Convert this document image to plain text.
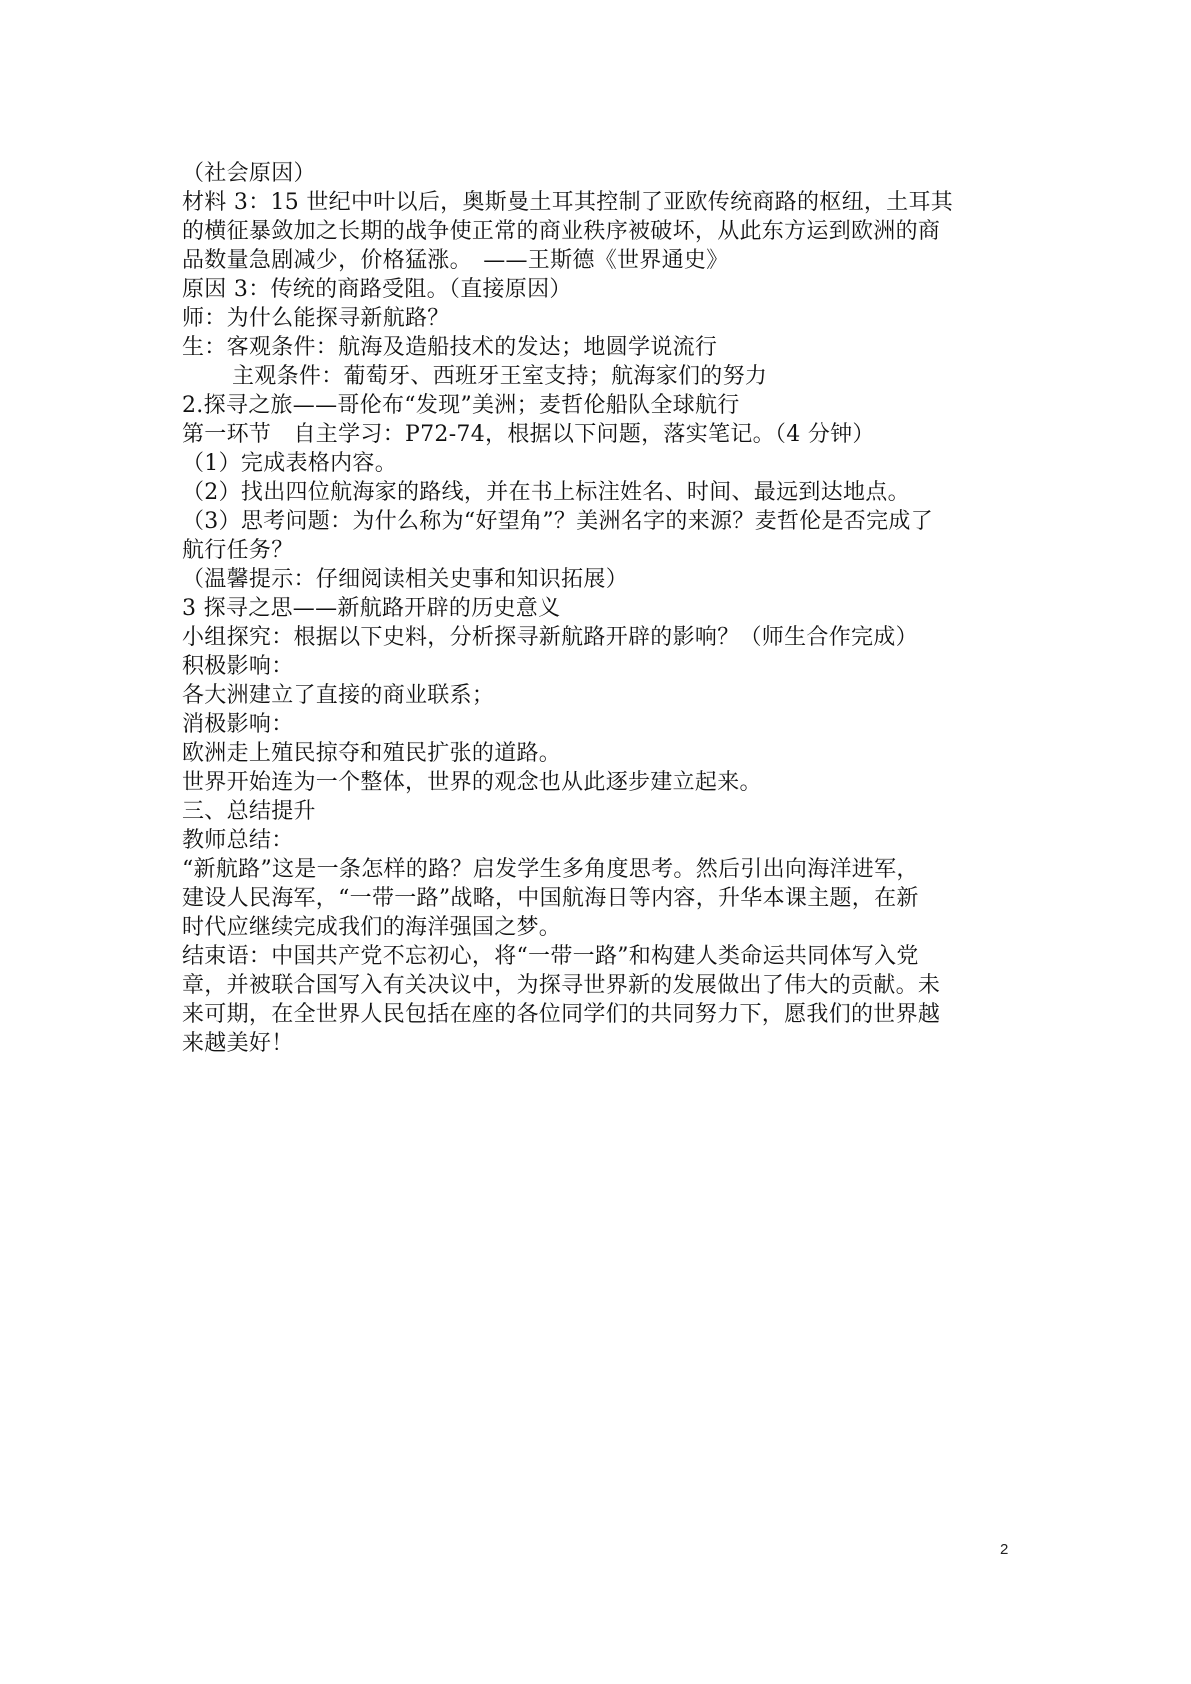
（社会原因）
材料 3：15 世纪中叶以后，奥斯曼土耳其控制了亚欧传统商路的枢纽，土耳其
的横征暴敛加之长期的战争使正常的商业秩序被破坏，从此东方运到欧洲的商
品数量急剧减少，价格猛涨。　——王斯德《世界通史》
原因 3：传统的商路受阻。（直接原因）
师：为什么能探寻新航路？
生：客观条件：航海及造船技术的发达；地圆学说流行
主观条件：葡萄牙、西班牙王室支持；航海家们的努力
2.探寻之旅——哥伦布“发现”美洲；麦哲伦船队全球航行
第一环节　自主学习：P72-74，根据以下问题，落实笔记。（4 分钟）
（1）完成表格内容。
（2）找出四位航海家的路线，并在书上标注姓名、时间、最远到达地点。
（3）思考问题：为什么称为“好望角”？美洲名字的来源？麦哲伦是否完成了
航行任务？
（温馨提示：仔细阅读相关史事和知识拓展）
3 探寻之思——新航路开辟的历史意义
小组探究：根据以下史料，分析探寻新航路开辟的影响？（师生合作完成）
积极影响：
各大洲建立了直接的商业联系；
消极影响：
欧洲走上殖民掠夺和殖民扩张的道路。
世界开始连为一个整体，世界的观念也从此逐步建立起来。
三、总结提升
教师总结：
“新航路”这是一条怎样的路？启发学生多角度思考。然后引出向海洋进军，
建设人民海军，“一带一路”战略，中国航海日等内容，升华本课主题，在新
时代应继续完成我们的海洋强国之梦。
结束语：中国共产党不忘初心，将“一带一路”和构建人类命运共同体写入党
章，并被联合国写入有关决议中，为探寻世界新的发展做出了伟大的贡献。未
来可期，在全世界人民包括在座的各位同学们的共同努力下，愿我们的世界越
来越美好！
2
